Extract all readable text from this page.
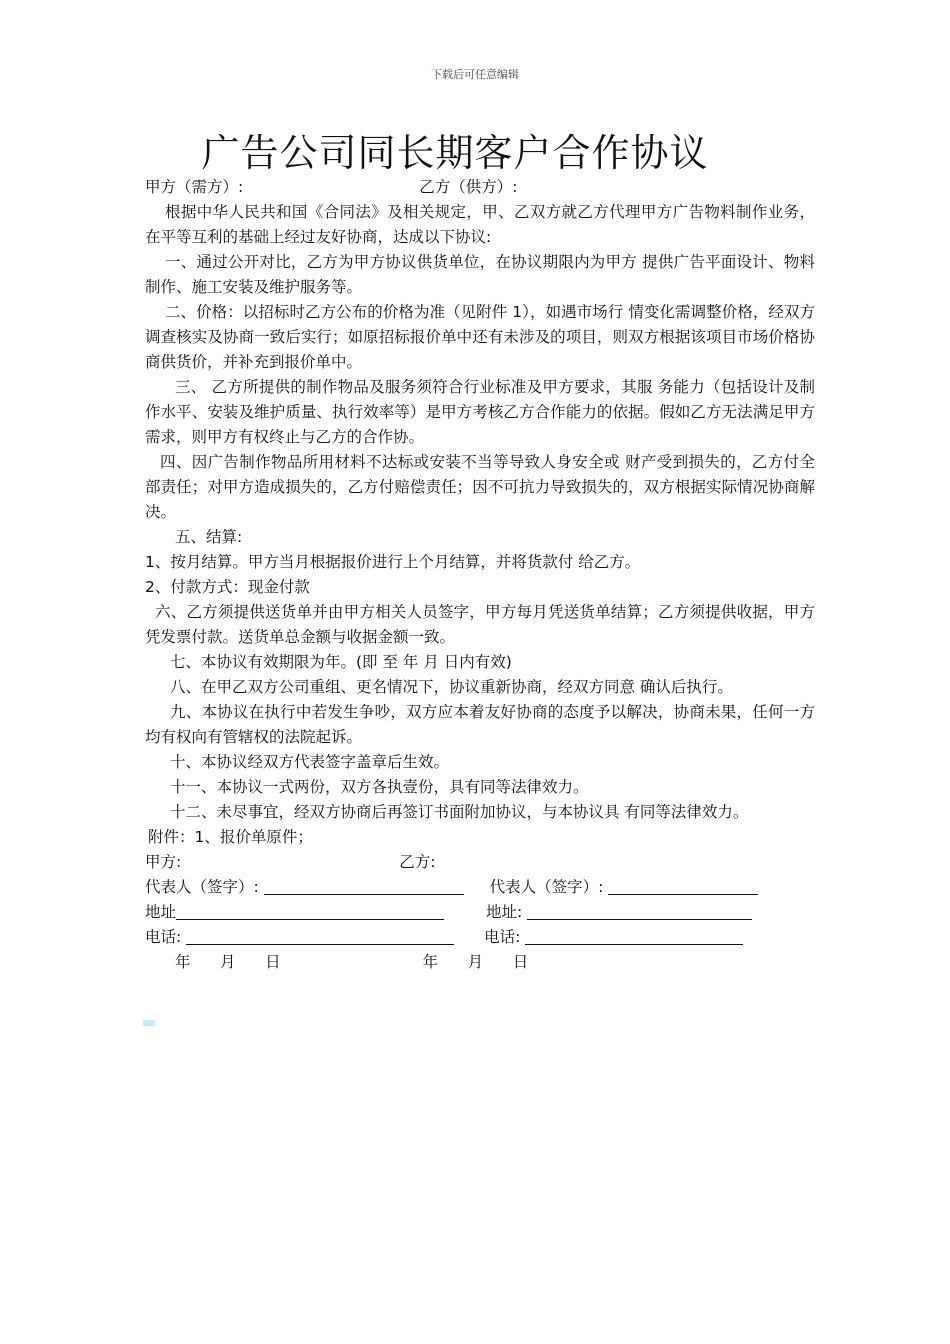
下载后可任意编辑
广告公司同长期客户合作协议
甲方（需方）:	乙方（供方）:
根据中华人民共和国《合同法》及相关规定，甲、乙双方就乙方代理甲方广告物料制作业务，在平等互利的基础上经过友好协商，达成以下协议:
一、通过公开对比，乙方为甲方协议供货单位，在协议期限内为甲方 提供广告平面设计、物料制作、施工安装及维护服务等。
二、价格：以招标时乙方公布的价格为准（见附件 1），如遇市场行 情变化需调整价格，经双方调查核实及协商一致后实行；如原招标报价单中还有未涉及的项目，则双方根据该项目市场价格协商供货价，并补充到报价单中。
三、 乙方所提供的制作物品及服务须符合行业标准及甲方要求，其服 务能力（包括设计及制作水平、安装及维护质量、执行效率等）是甲方考核乙方合作能力的依据。假如乙方无法满足甲方需求，则甲方有权终止与乙方的合作协。
四、因广告制作物品所用材料不达标或安装不当等导致人身安全或 财产受到损失的，乙方付全部责任；对甲方造成损失的，乙方付赔偿责任；因不可抗力导致损失的，双方根据实际情况协商解决。
五、结算:
1、按月结算。甲方当月根据报价进行上个月结算，并将货款付 给乙方。
2、付款方式：现金付款
六、乙方须提供送货单并由甲方相关人员签字，甲方每月凭送货单结算；乙方须提供收据，甲方凭发票付款。送货单总金额与收据金额一致。
七、本协议有效期限为年。(即 至 年 月 日内有效)
八、在甲乙双方公司重组、更名情况下，协议重新协商，经双方同意 确认后执行。
九、本协议在执行中若发生争吵，双方应本着友好协商的态度予以解决，协商未果，任何一方均有权向有管辖权的法院起诉。
十、本协议经双方代表签字盖章后生效。
十一、本协议一式两份，双方各执壹份，具有同等法律效力。
十二、未尽事宜，经双方协商后再签订书面附加协议，与本协议具 有同等法律效力。
附件：1、报价单原件；
甲方:	乙方:
代表人（签字）:	代表人（签字）:
地址	地址:
电话:	电话:
年      月      日	年      月      日
